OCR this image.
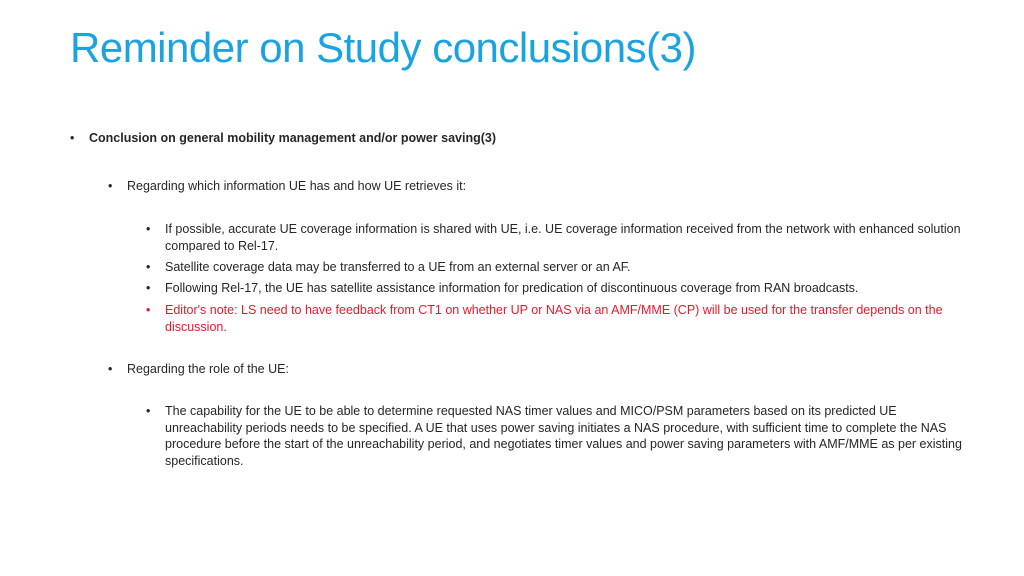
Reminder on Study conclusions(3)
•	Conclusion on general mobility management and/or power saving(3)
•	Regarding which information UE has and how UE retrieves it:
•	If possible, accurate UE coverage information is shared with UE, i.e. UE coverage information received from the network with enhanced solution compared to Rel-17.
•	Satellite coverage data may be transferred to a UE from an external server or an AF.
•	Following Rel-17, the UE has satellite assistance information for predication of discontinuous coverage from RAN broadcasts.
•	Editor's note: LS need to have feedback from CT1 on whether UP or NAS via an AMF/MME (CP) will be used for the transfer depends on the discussion.
•	Regarding the role of the UE:
•	The capability for the UE to be able to determine requested NAS timer values and MICO/PSM parameters based on its predicted UE unreachability periods needs to be specified. A UE that uses power saving initiates a NAS procedure, with sufficient time to complete the NAS procedure before the start of the unreachability period, and negotiates timer values and power saving parameters with AMF/MME as per existing specifications.
